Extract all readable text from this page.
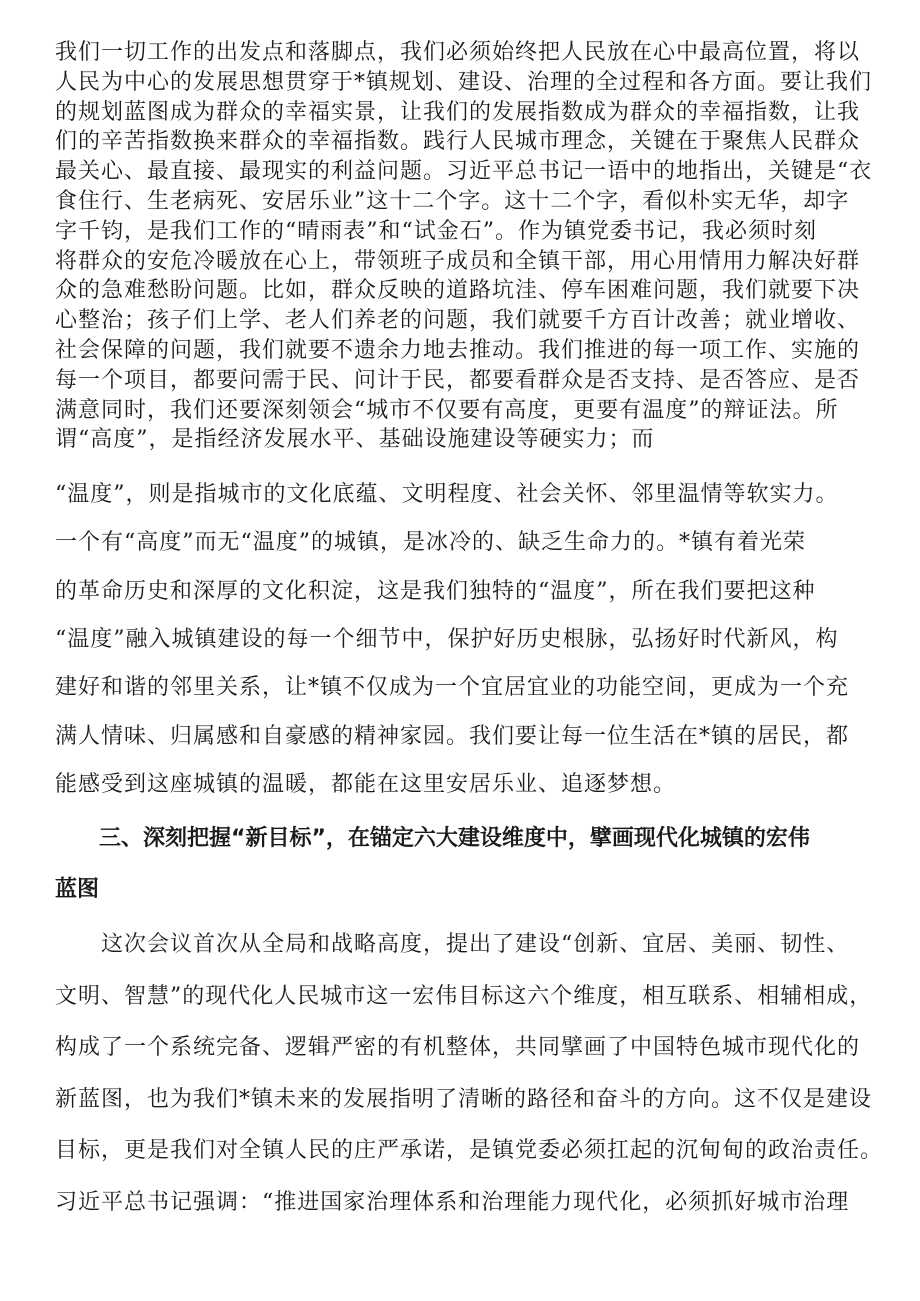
我们一切工作的出发点和落脚点，我们必须始终把人民放在心中最高位置，将以

人民为中心的发展思想贯穿于*镇规划、建设、治理的全过程和各方面。要让我们

的规划蓝图成为群众的幸福实景，让我们的发展指数成为群众的幸福指数，让我

们的辛苦指数换来群众的幸福指数。践行人民城市理念，关键在于聚焦人民群众

最关心、最直接、最现实的利益问题。习近平总书记一语中的地指出，关键是“衣

食住行、生老病死、安居乐业”这十二个字。这十二个字，看似朴实无华，却字

字千钧，是我们工作的“晴雨表”和“试金石”。作为镇党委书记，我必须时刻

将群众的安危冷暖放在心上，带领班子成员和全镇干部，用心用情用力解决好群

众的急难愁盼问题。比如，群众反映的道路坑洼、停车困难问题，我们就要下决

心整治；孩子们上学、老人们养老的问题，我们就要千方百计改善；就业增收、

社会保障的问题，我们就要不遗余力地去推动。我们推进的每一项工作、实施的

每一个项目，都要问需于民、问计于民，都要看群众是否支持、是否答应、是否

满意同时，我们还要深刻领会“城市不仅要有高度，更要有温度”的辩证法。所

谓“高度”，是指经济发展水平、基础设施建设等硬实力；而

“温度”，则是指城市的文化底蕴、文明程度、社会关怀、邻里温情等软实力。

一个有“高度”而无“温度”的城镇，是冰冷的、缺乏生命力的。*镇有着光荣

的革命历史和深厚的文化积淀，这是我们独特的“温度”，所在我们要把这种

“温度”融入城镇建设的每一个细节中，保护好历史根脉，弘扬好时代新风，构

建好和谐的邻里关系，让*镇不仅成为一个宜居宜业的功能空间，更成为一个充

满人情味、归属感和自豪感的精神家园。我们要让每一位生活在*镇的居民，都

能感受到这座城镇的温暖，都能在这里安居乐业、追逐梦想。

三、深刻把握“新目标”，在锚定六大建设维度中，擘画现代化城镇的宏伟

蓝图

这次会议首次从全局和战略高度，提出了建设“创新、宜居、美丽、韧性、

文明、智慧”的现代化人民城市这一宏伟目标这六个维度，相互联系、相辅相成，

构成了一个系统完备、逻辑严密的有机整体，共同擘画了中国特色城市现代化的

新蓝图，也为我们*镇未来的发展指明了清晰的路径和奋斗的方向。这不仅是建设

目标，更是我们对全镇人民的庄严承诺，是镇党委必须扛起的沉甸甸的政治责任。

习近平总书记强调：“推进国家治理体系和治理能力现代化，必须抓好城市治理
